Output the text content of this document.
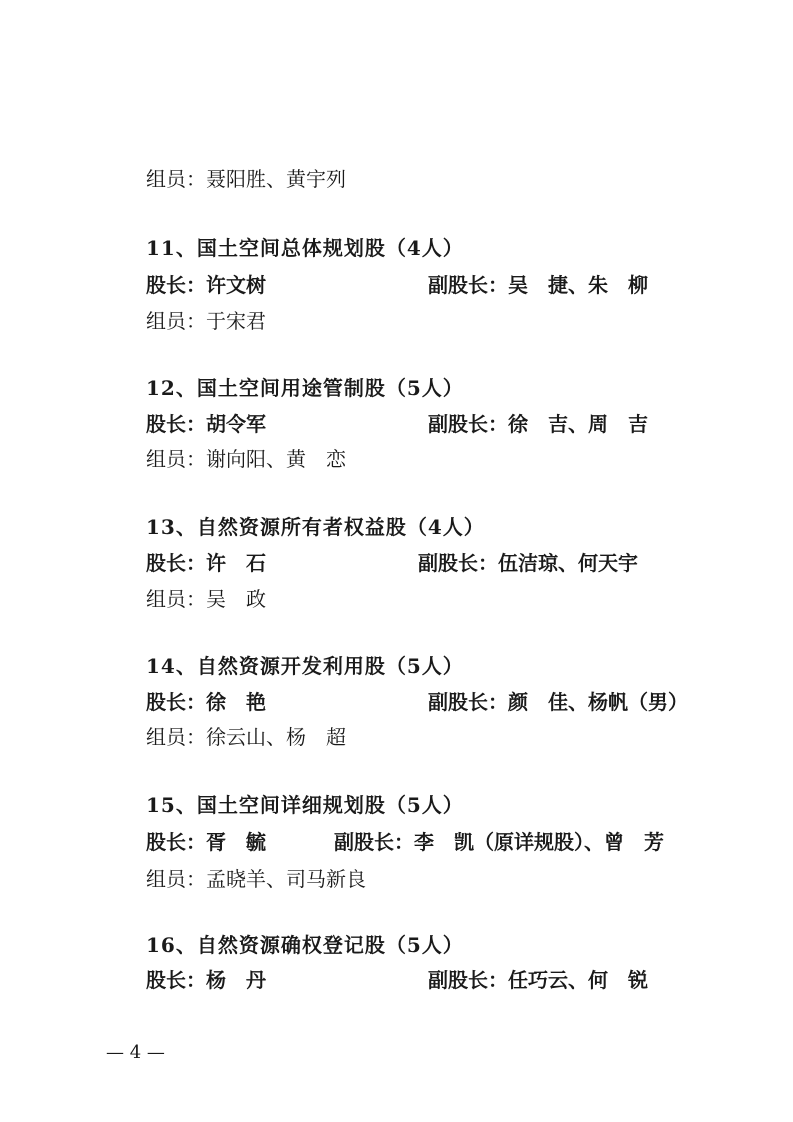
组员：聂阳胜、黄宇列
11、国土空间总体规划股（4人）
股长：许文树	副股长：吴　捷、朱　柳
组员：于宋君
12、国土空间用途管制股（5人）
股长：胡令军	副股长：徐　吉、周　吉
组员：谢向阳、黄　恋
13、自然资源所有者权益股（4人）
股长：许　石	副股长：伍洁琼、何天宇
组员：吴　政
14、自然资源开发利用股（5人）
股长：徐　艳	副股长：颜　佳、杨帆（男）
组员：徐云山、杨　超
15、国土空间详细规划股（5人）
股长：胥　毓	副股长：李　凯（原详规股）、曾　芳
组员：孟晓羊、司马新良
16、自然资源确权登记股（5人）
股长：杨　丹	副股长：任巧云、何　锐
— 4 —
